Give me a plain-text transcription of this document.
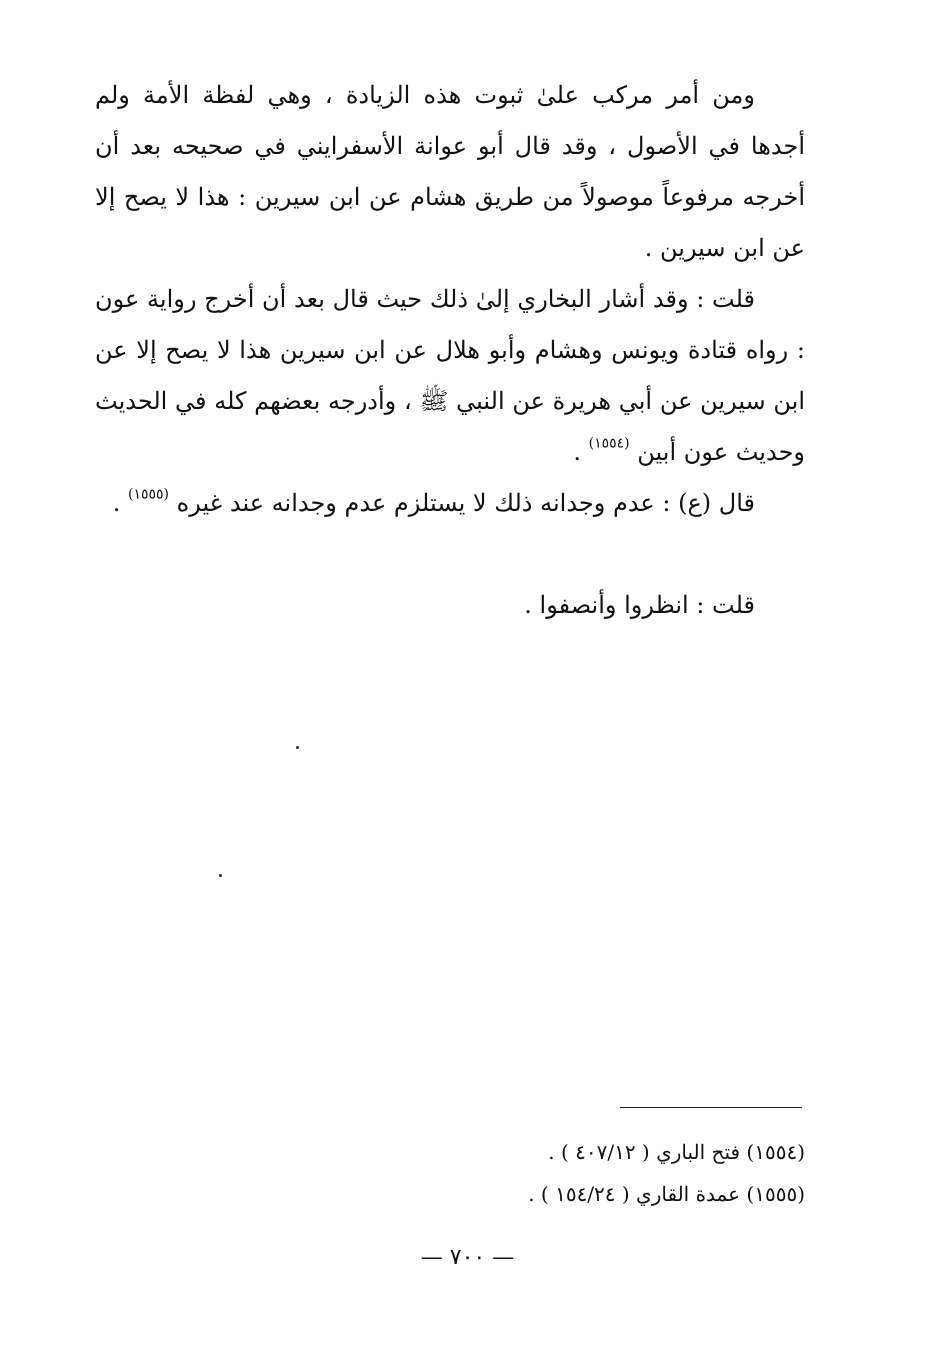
ومن أمر مركب علىٰ ثبوت هذه الزيادة ، وهي لفظة الأمة ولم أجدها في الأصول ، وقد قال أبو عوانة الأسفرايني في صحيحه بعد أن أخرجه مرفوعاً موصولاً من طريق هشام عن ابن سيرين : هذا لا يصح إلا عن ابن سيرين .

قلت : وقد أشار البخاري إلىٰ ذلك حيث قال بعد أن أخرج رواية عون : رواه قتادة ويونس وهشام وأبو هلال عن ابن سيرين هذا لا يصح إلا عن ابن سيرين عن أبي هريرة عن النبي ﷺ ، وأدرجه بعضهم كله في الحديث وحديث عون أبين $^{(١٥٥٤)}$ .

قال (ع) : عدم وجدانه ذلك لا يستلزم عدم وجدانه عند غيره $^{(١٥٥٥)}$ .

قلت : انظروا وأنصفوا .

(١٥٥٤) فتح الباري ( ٤٠٧/١٢ ) .

(١٥٥٥) عمدة القاري ( ١٥٤/٢٤ ) .

— ٧٠٠ —
